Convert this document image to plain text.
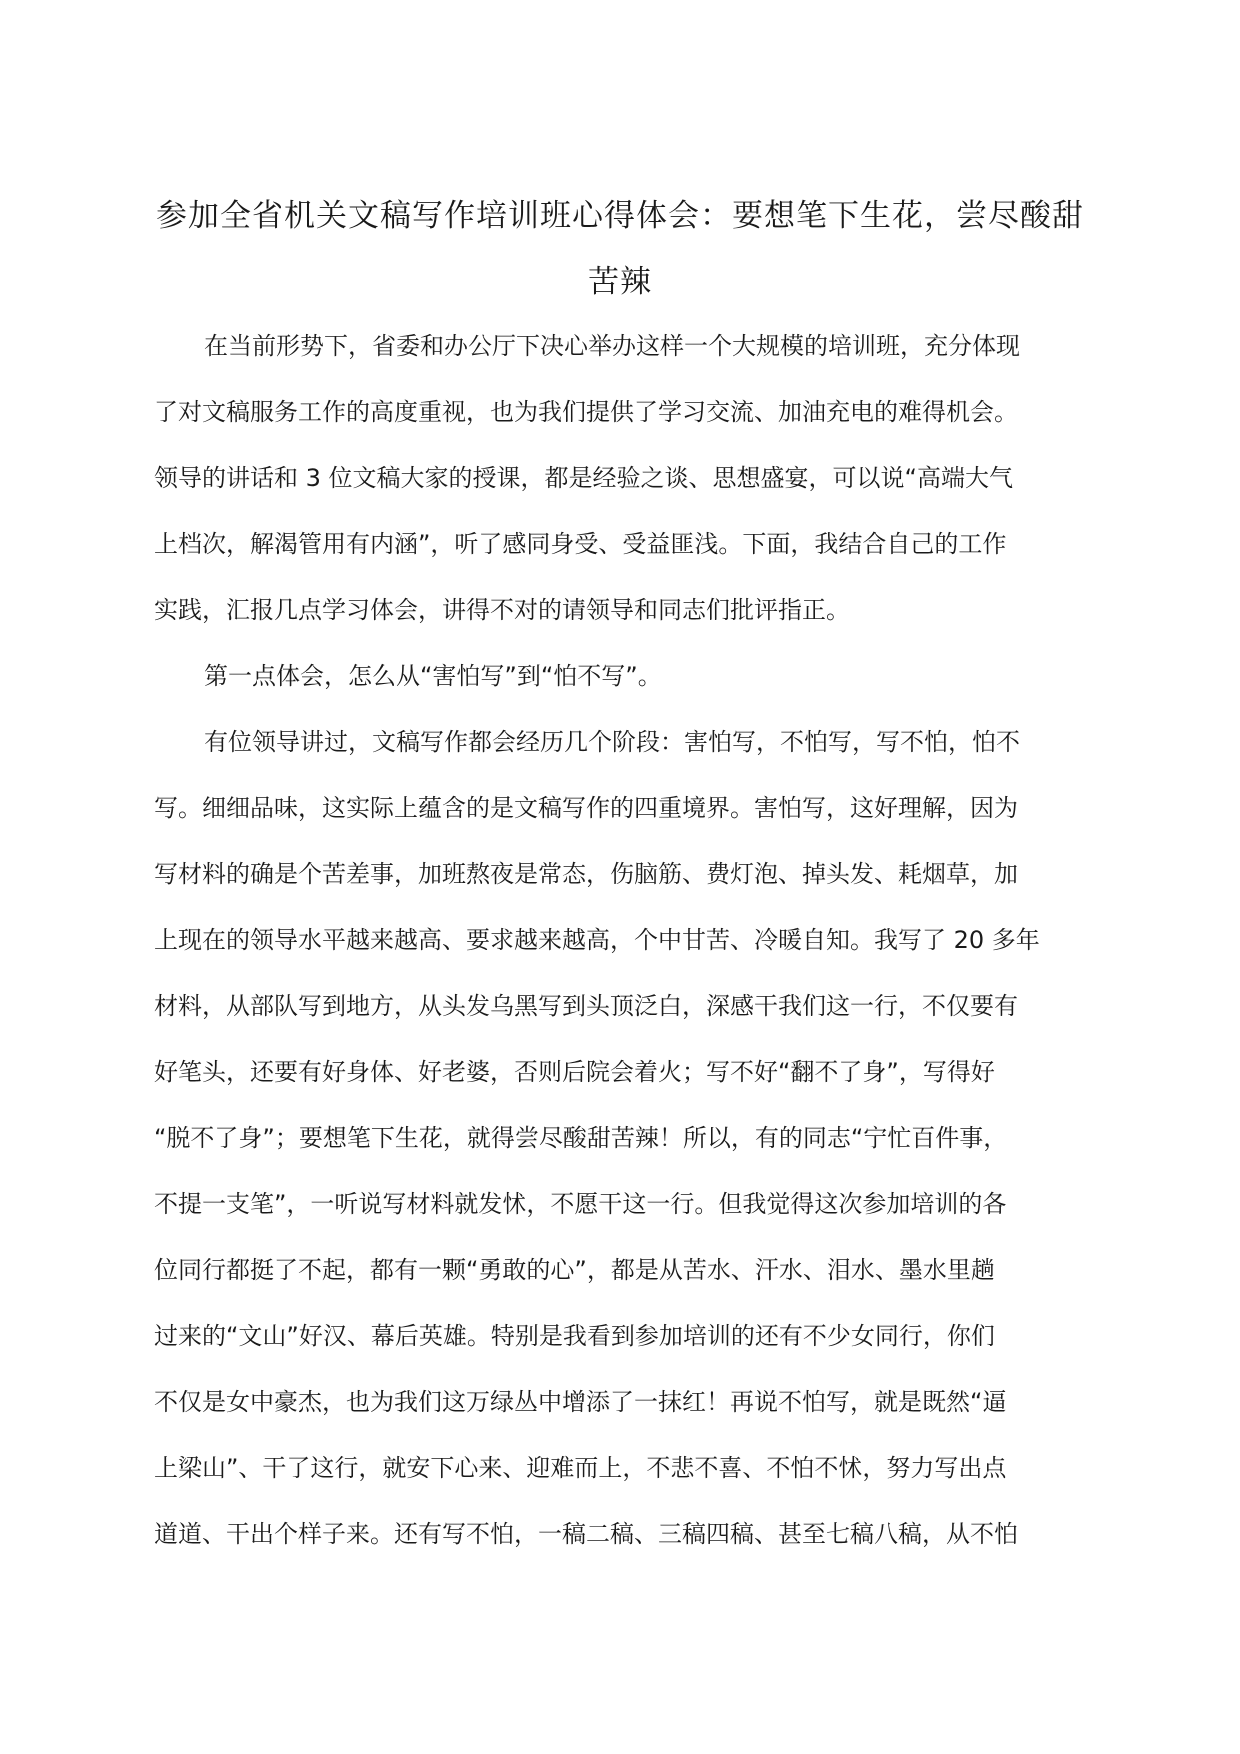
参加全省机关文稿写作培训班心得体会：要想笔下生花，尝尽酸甜
苦辣

在当前形势下，省委和办公厅下决心举办这样一个大规模的培训班，充分体现
了对文稿服务工作的高度重视，也为我们提供了学习交流、加油充电的难得机会。
领导的讲话和 3 位文稿大家的授课，都是经验之谈、思想盛宴，可以说“高端大气
上档次，解渴管用有内涵”，听了感同身受、受益匪浅。下面，我结合自己的工作
实践，汇报几点学习体会，讲得不对的请领导和同志们批评指正。

第一点体会，怎么从“害怕写”到“怕不写”。

有位领导讲过，文稿写作都会经历几个阶段：害怕写，不怕写，写不怕，怕不
写。细细品味，这实际上蕴含的是文稿写作的四重境界。害怕写，这好理解，因为
写材料的确是个苦差事，加班熬夜是常态，伤脑筋、费灯泡、掉头发、耗烟草，加
上现在的领导水平越来越高、要求越来越高，个中甘苦、冷暖自知。我写了 20 多年
材料，从部队写到地方，从头发乌黑写到头顶泛白，深感干我们这一行，不仅要有
好笔头，还要有好身体、好老婆，否则后院会着火；写不好“翻不了身”，写得好
“脱不了身”；要想笔下生花，就得尝尽酸甜苦辣！所以，有的同志“宁忙百件事，
不提一支笔”，一听说写材料就发怵，不愿干这一行。但我觉得这次参加培训的各
位同行都挺了不起，都有一颗“勇敢的心”，都是从苦水、汗水、泪水、墨水里趟
过来的“文山”好汉、幕后英雄。特别是我看到参加培训的还有不少女同行，你们
不仅是女中豪杰，也为我们这万绿丛中增添了一抹红！再说不怕写，就是既然“逼
上梁山”、干了这行，就安下心来、迎难而上，不悲不喜、不怕不怵，努力写出点
道道、干出个样子来。还有写不怕，一稿二稿、三稿四稿、甚至七稿八稿，从不怕
